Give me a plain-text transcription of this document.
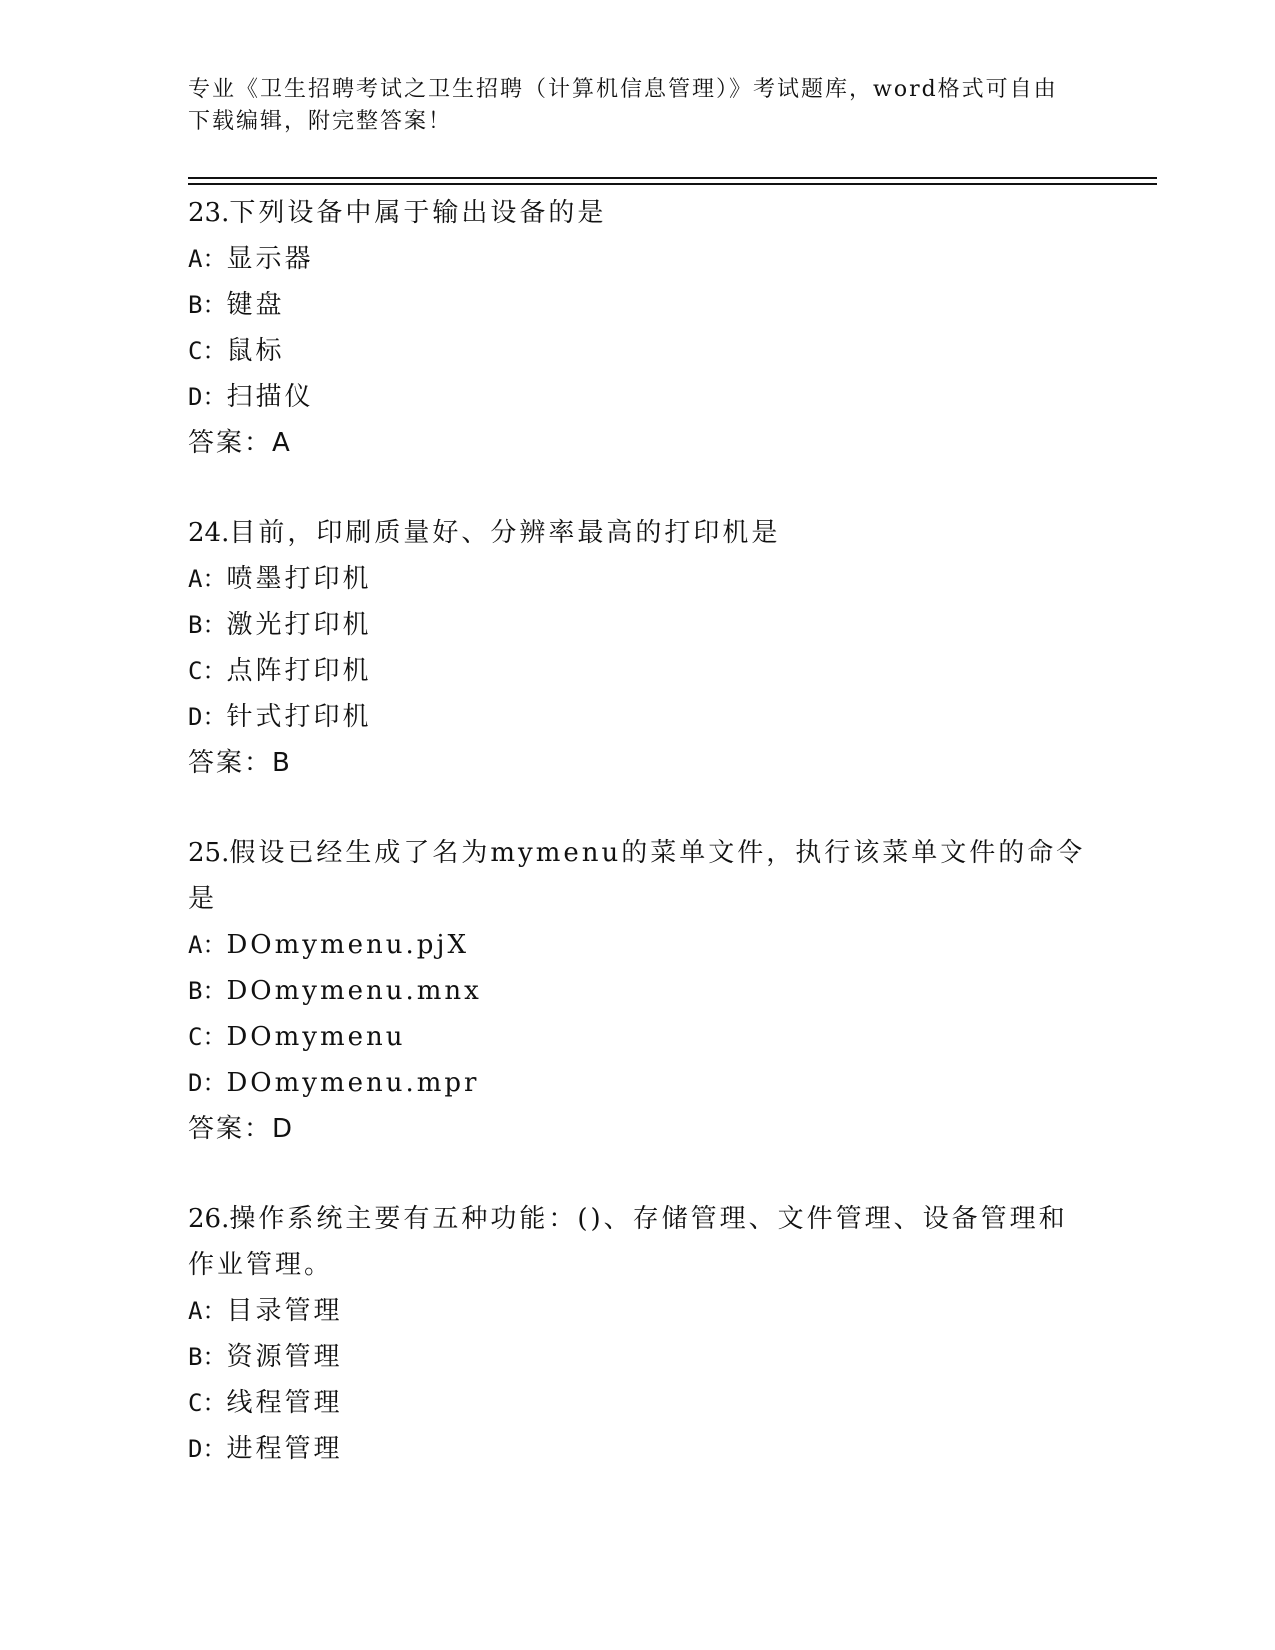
专业《卫生招聘考试之卫生招聘（计算机信息管理）》考试题库，word格式可自由下载编辑，附完整答案！

23.下列设备中属于输出设备的是

A：显示器
B：键盘
C：鼠标
D：扫描仪
答案：A

24.目前，印刷质量好、分辨率最高的打印机是

A：喷墨打印机
B：激光打印机
C：点阵打印机
D：针式打印机
答案：B

25.假设已经生成了名为mymenu的菜单文件，执行该菜单文件的命令是

A：DOmymenu.pjX
B：DOmymenu.mnx
C：DOmymenu
D：DOmymenu.mpr
答案：D

26.操作系统主要有五种功能：()、存储管理、文件管理、设备管理和作业管理。

A：目录管理
B：资源管理
C：线程管理
D：进程管理
